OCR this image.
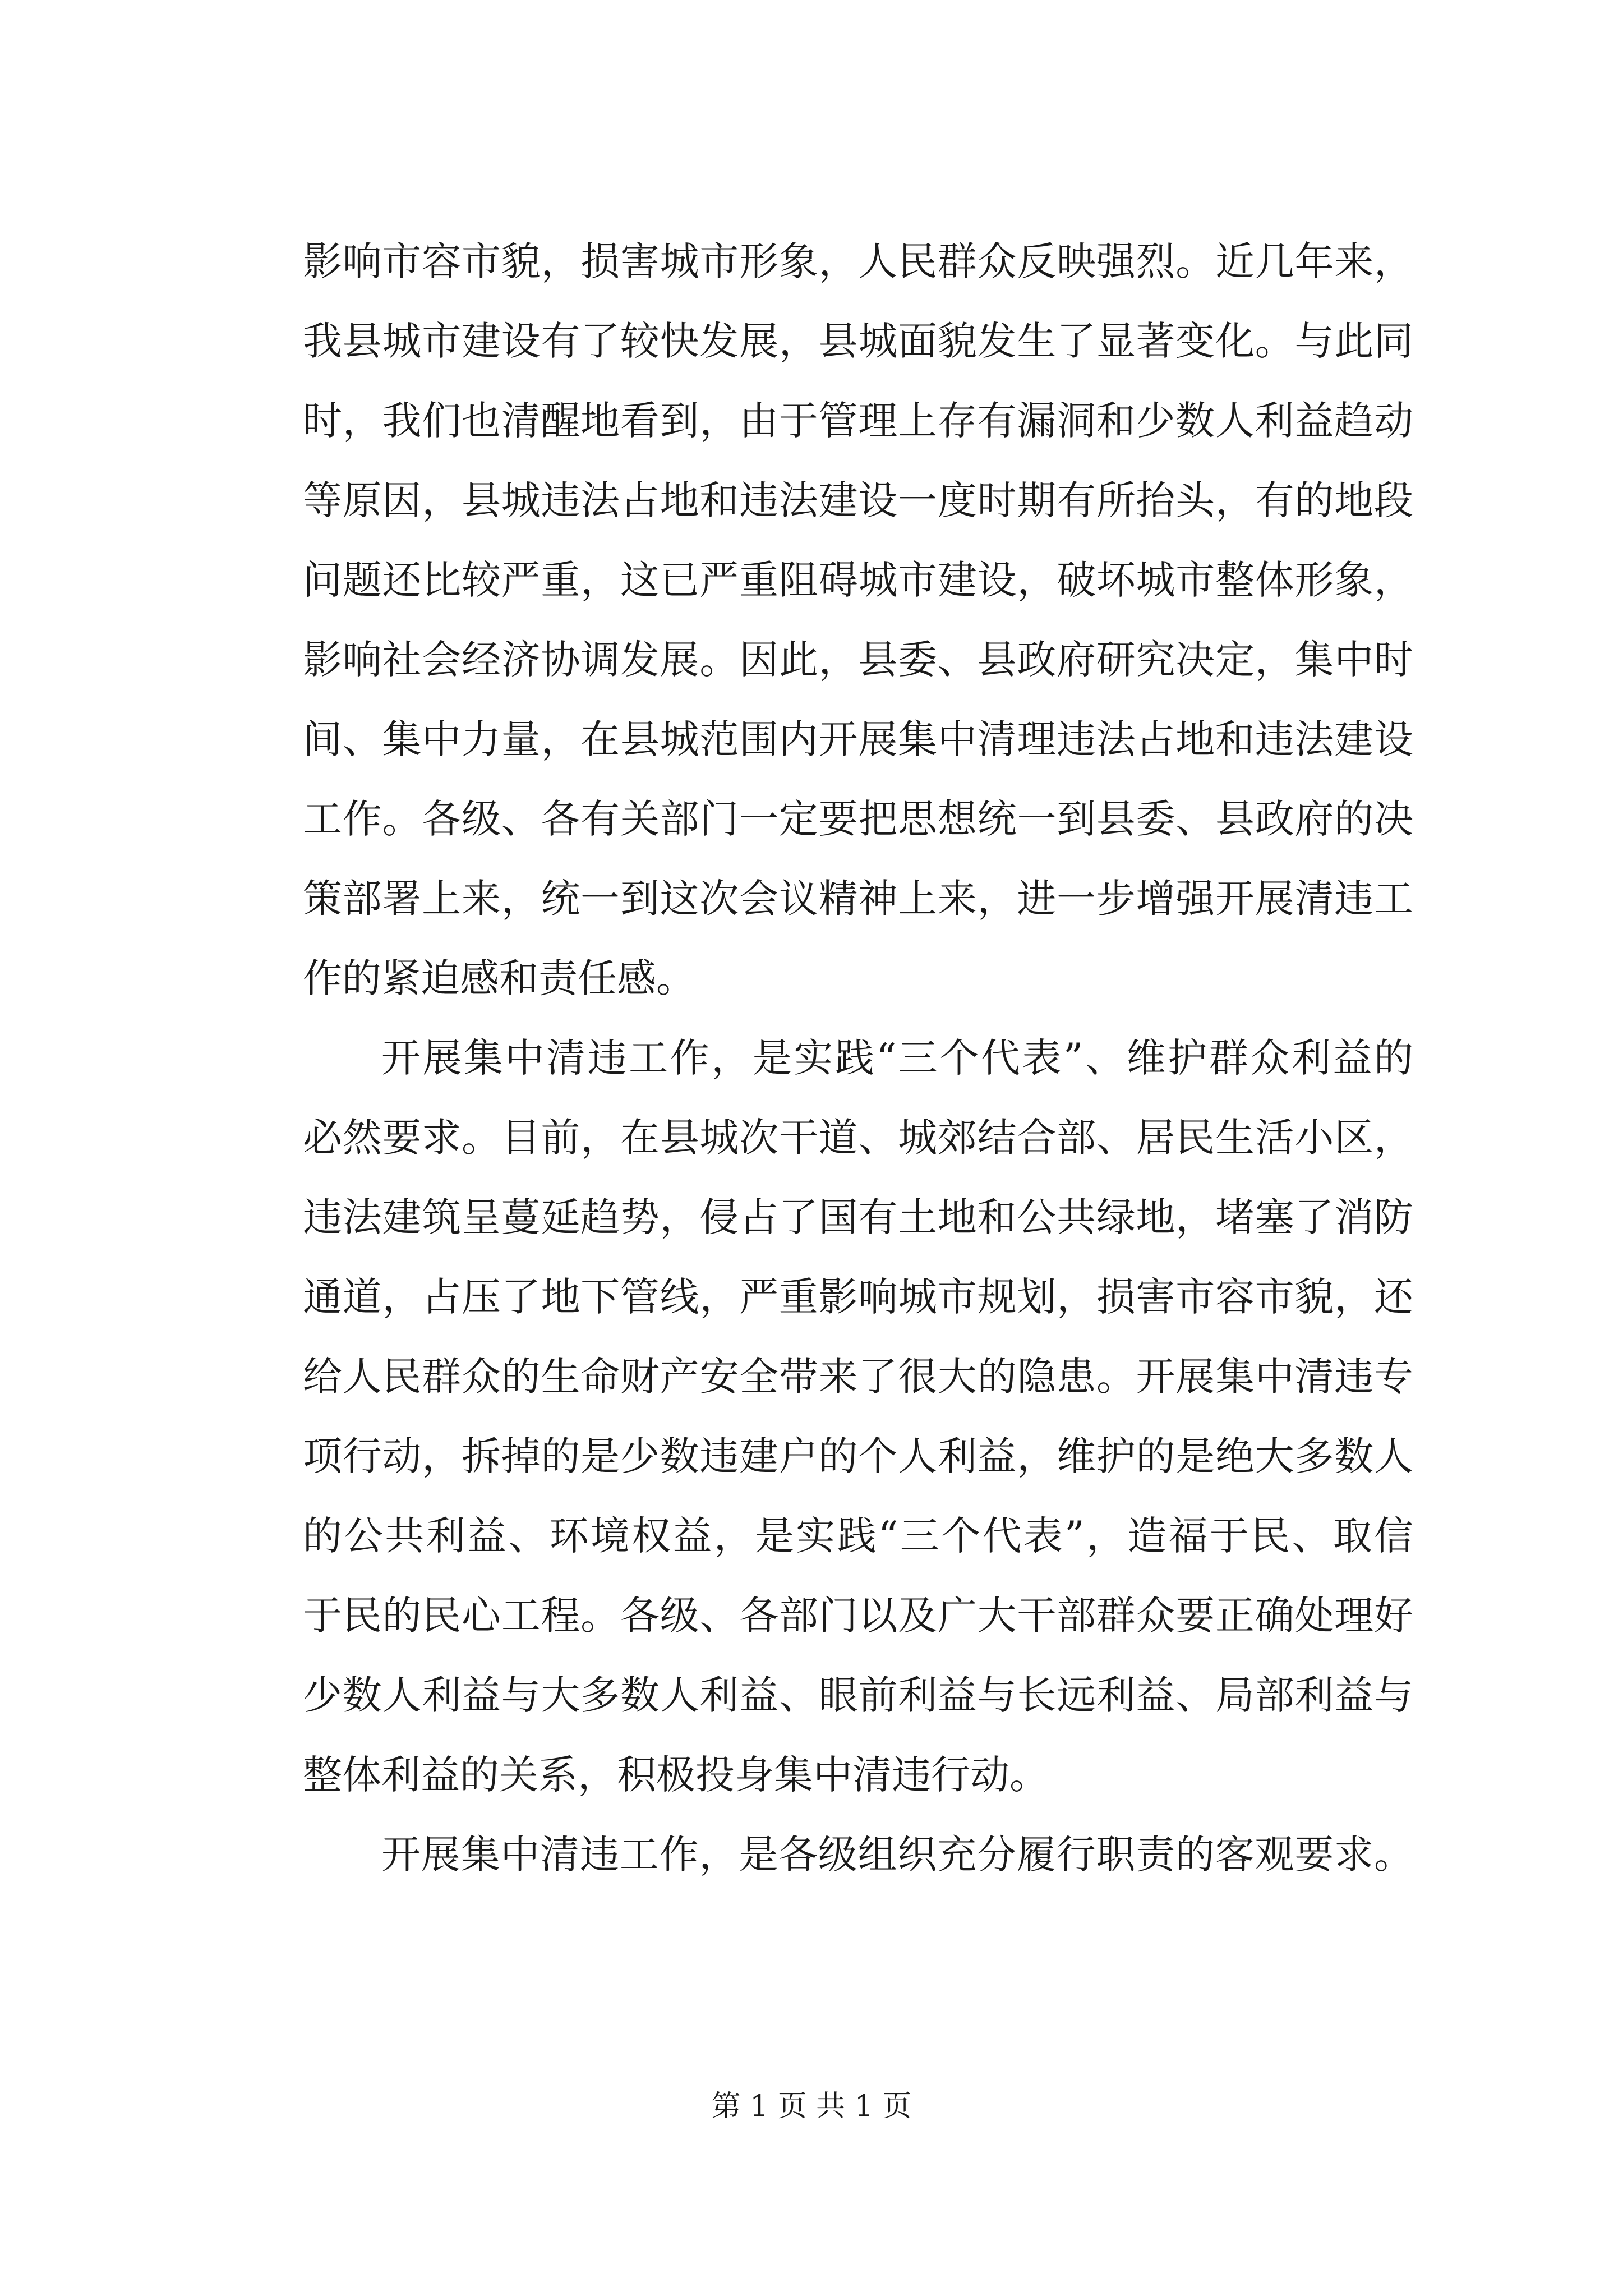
影响市容市貌，损害城市形象，人民群众反映强烈。近几年来，
我县城市建设有了较快发展，县城面貌发生了显著变化。与此同
时，我们也清醒地看到，由于管理上存有漏洞和少数人利益趋动
等原因，县城违法占地和违法建设一度时期有所抬头，有的地段
问题还比较严重，这已严重阻碍城市建设，破坏城市整体形象，
影响社会经济协调发展。因此，县委、县政府研究决定，集中时
间、集中力量，在县城范围内开展集中清理违法占地和违法建设
工作。各级、各有关部门一定要把思想统一到县委、县政府的决
策部署上来，统一到这次会议精神上来，进一步增强开展清违工
作的紧迫感和责任感。
开展集中清违工作，是实践“三个代表”、维护群众利益的
必然要求。目前，在县城次干道、城郊结合部、居民生活小区，
违法建筑呈蔓延趋势，侵占了国有土地和公共绿地，堵塞了消防
通道，占压了地下管线，严重影响城市规划，损害市容市貌，还
给人民群众的生命财产安全带来了很大的隐患。开展集中清违专
项行动，拆掉的是少数违建户的个人利益，维护的是绝大多数人
的公共利益、环境权益，是实践“三个代表”，造福于民、取信
于民的民心工程。各级、各部门以及广大干部群众要正确处理好
少数人利益与大多数人利益、眼前利益与长远利益、局部利益与
整体利益的关系，积极投身集中清违行动。
开展集中清违工作，是各级组织充分履行职责的客观要求。
第 1 页 共 1 页
